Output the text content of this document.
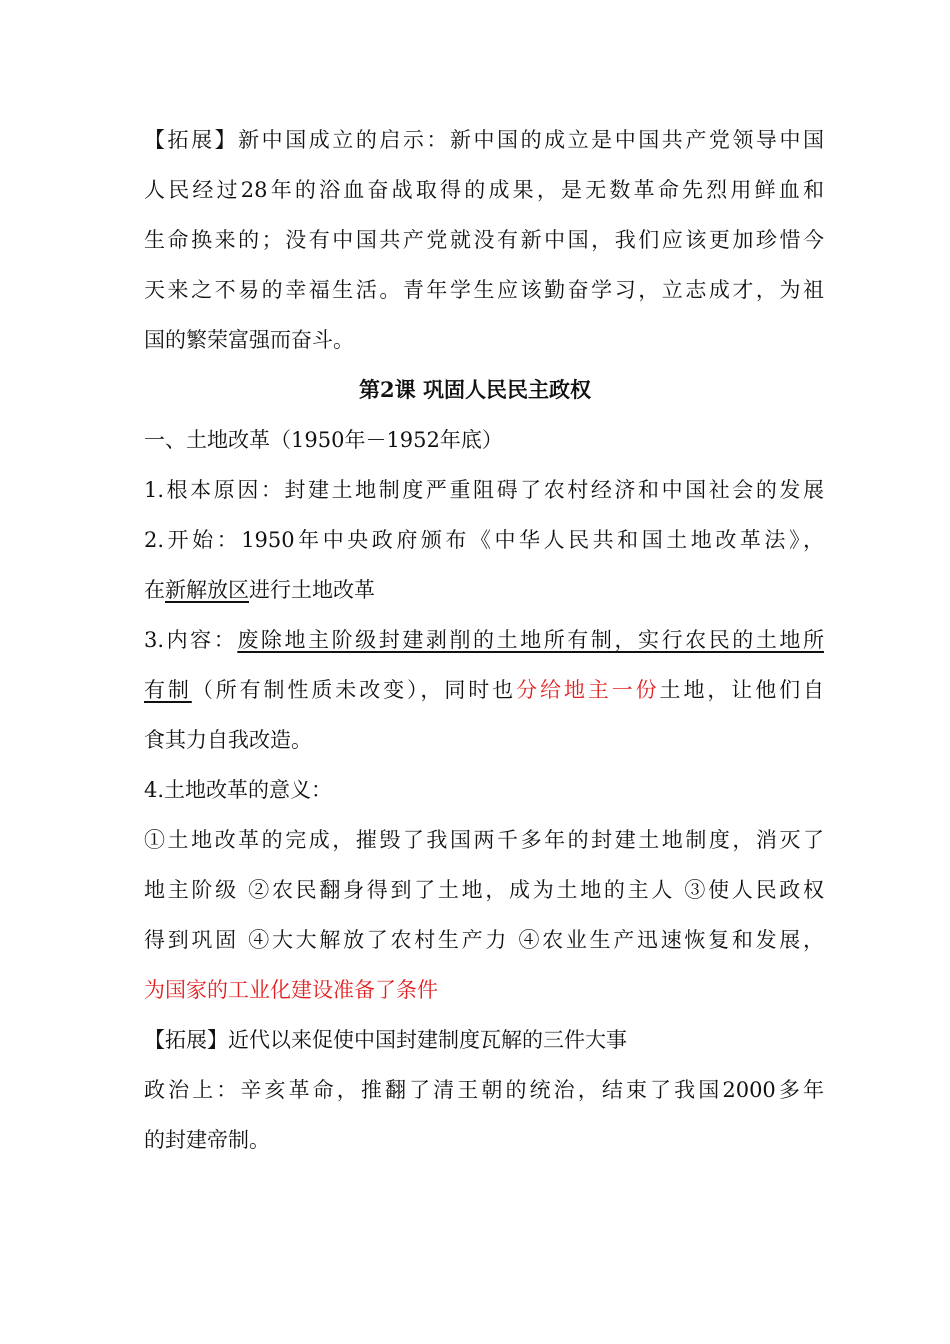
【拓展】新中国成立的启示：新中国的成立是中国共产党领导中国
人民经过28年的浴血奋战取得的成果，是无数革命先烈用鲜血和
生命换来的；没有中国共产党就没有新中国，我们应该更加珍惜今
天来之不易的幸福生活。青年学生应该勤奋学习，立志成才，为祖
国的繁荣富强而奋斗。
第2课 巩固人民民主政权
一、土地改革（1950年－1952年底）
1.根本原因：封建土地制度严重阻碍了农村经济和中国社会的发展
2.开始：1950年中央政府颁布《中华人民共和国土地改革法》，
在新解放区进行土地改革
3.内容：废除地主阶级封建剥削的土地所有制，实行农民的土地所
有制（所有制性质未改变），同时也分给地主一份土地，让他们自
食其力自我改造。
4.土地改革的意义：
①土地改革的完成，摧毁了我国两千多年的封建土地制度，消灭了
地主阶级 ②农民翻身得到了土地，成为土地的主人 ③使人民政权
得到巩固 ④大大解放了农村生产力 ④农业生产迅速恢复和发展，
为国家的工业化建设准备了条件
【拓展】近代以来促使中国封建制度瓦解的三件大事
政治上：辛亥革命，推翻了清王朝的统治，结束了我国2000多年
的封建帝制。
